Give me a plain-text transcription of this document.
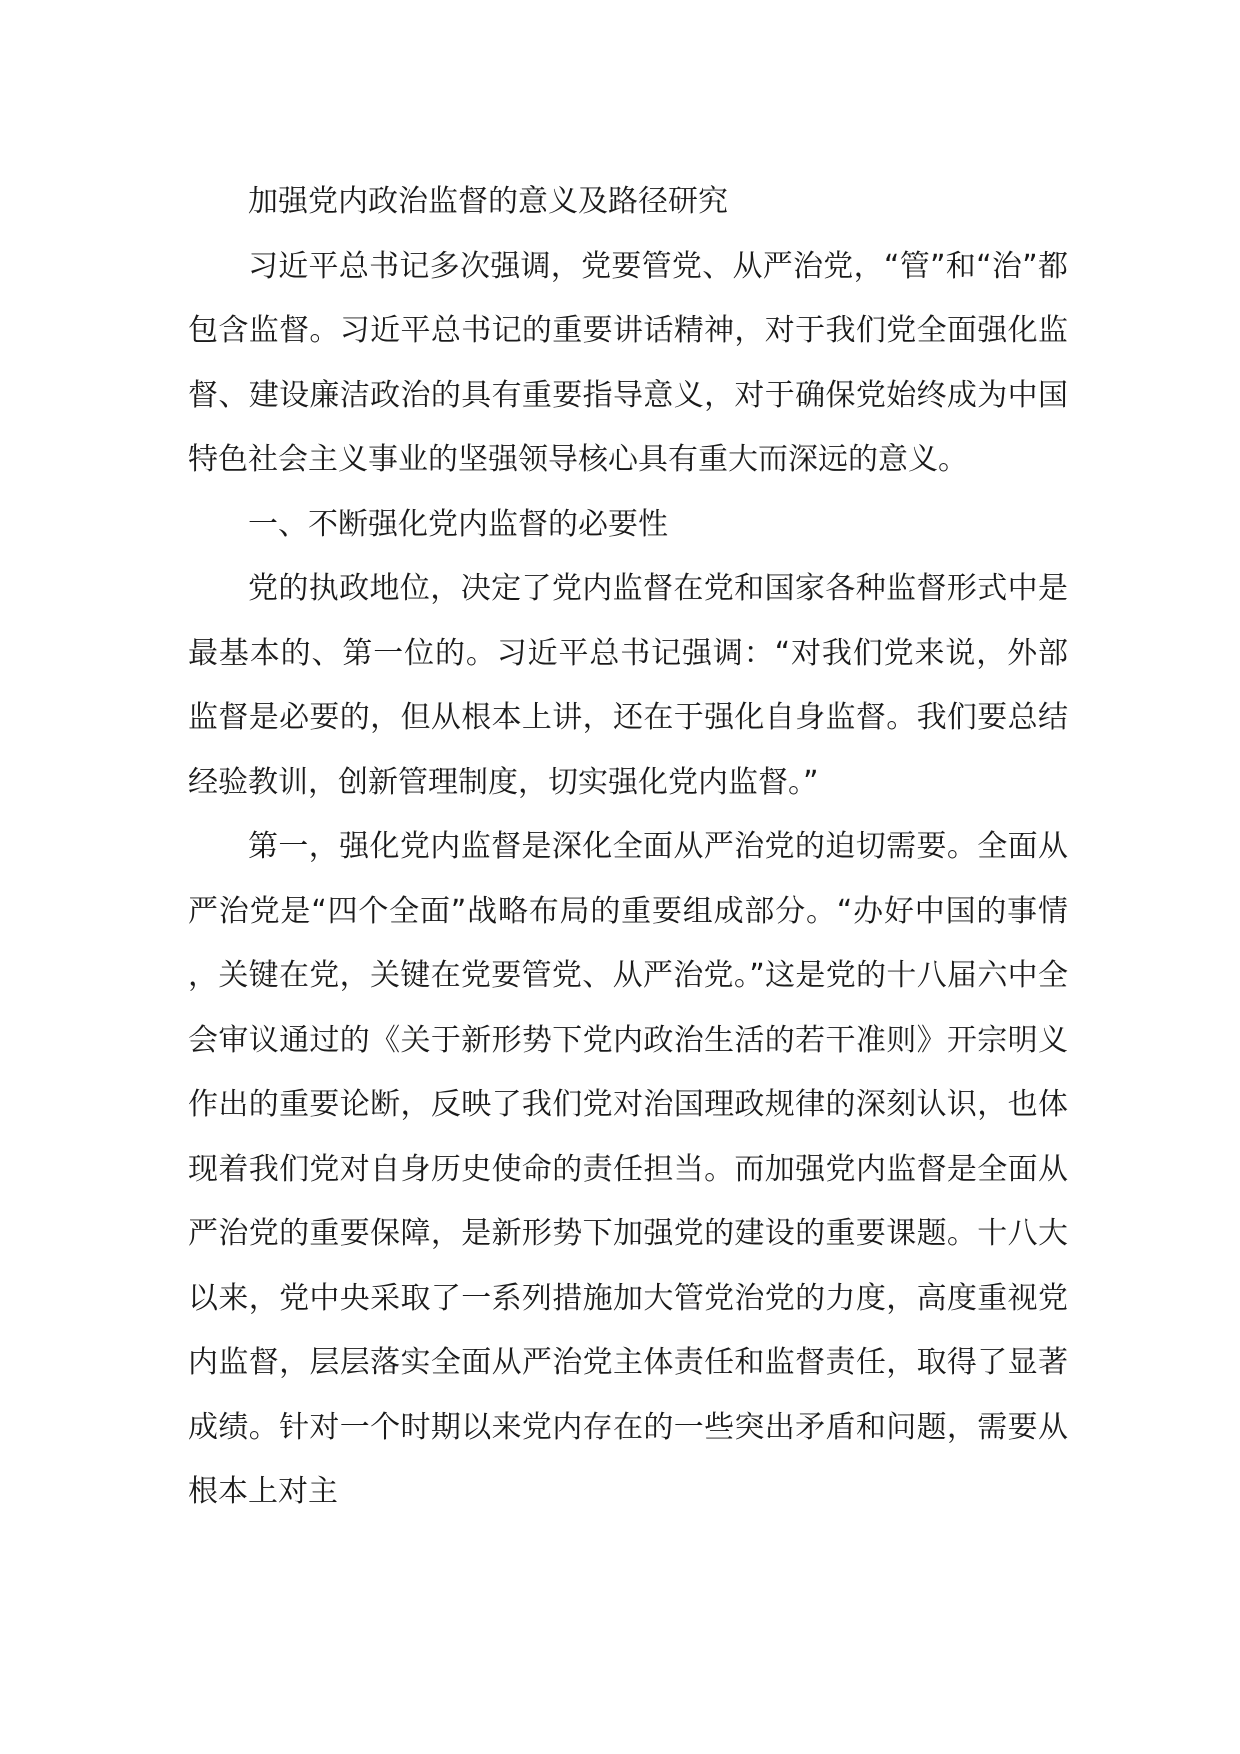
加强党内政治监督的意义及路径研究

习近平总书记多次强调，党要管党、从严治党，“管”和“治”都包含监督。习近平总书记的重要讲话精神，对于我们党全面强化监督、建设廉洁政治的具有重要指导意义，对于确保党始终成为中国特色社会主义事业的坚强领导核心具有重大而深远的意义。

一、不断强化党内监督的必要性

党的执政地位，决定了党内监督在党和国家各种监督形式中是最基本的、第一位的。习近平总书记强调：“对我们党来说，外部监督是必要的，但从根本上讲，还在于强化自身监督。我们要总结经验教训，创新管理制度，切实强化党内监督。”

第一，强化党内监督是深化全面从严治党的迫切需要。全面从严治党是“四个全面”战略布局的重要组成部分。“办好中国的事情，关键在党，关键在党要管党、从严治党。”这是党的十八届六中全会审议通过的《关于新形势下党内政治生活的若干准则》开宗明义作出的重要论断，反映了我们党对治国理政规律的深刻认识，也体现着我们党对自身历史使命的责任担当。而加强党内监督是全面从严治党的重要保障，是新形势下加强党的建设的重要课题。十八大以来，党中央采取了一系列措施加大管党治党的力度，高度重视党内监督，层层落实全面从严治党主体责任和监督责任，取得了显著成绩。针对一个时期以来党内存在的一些突出矛盾和问题，需要从根本上对主
